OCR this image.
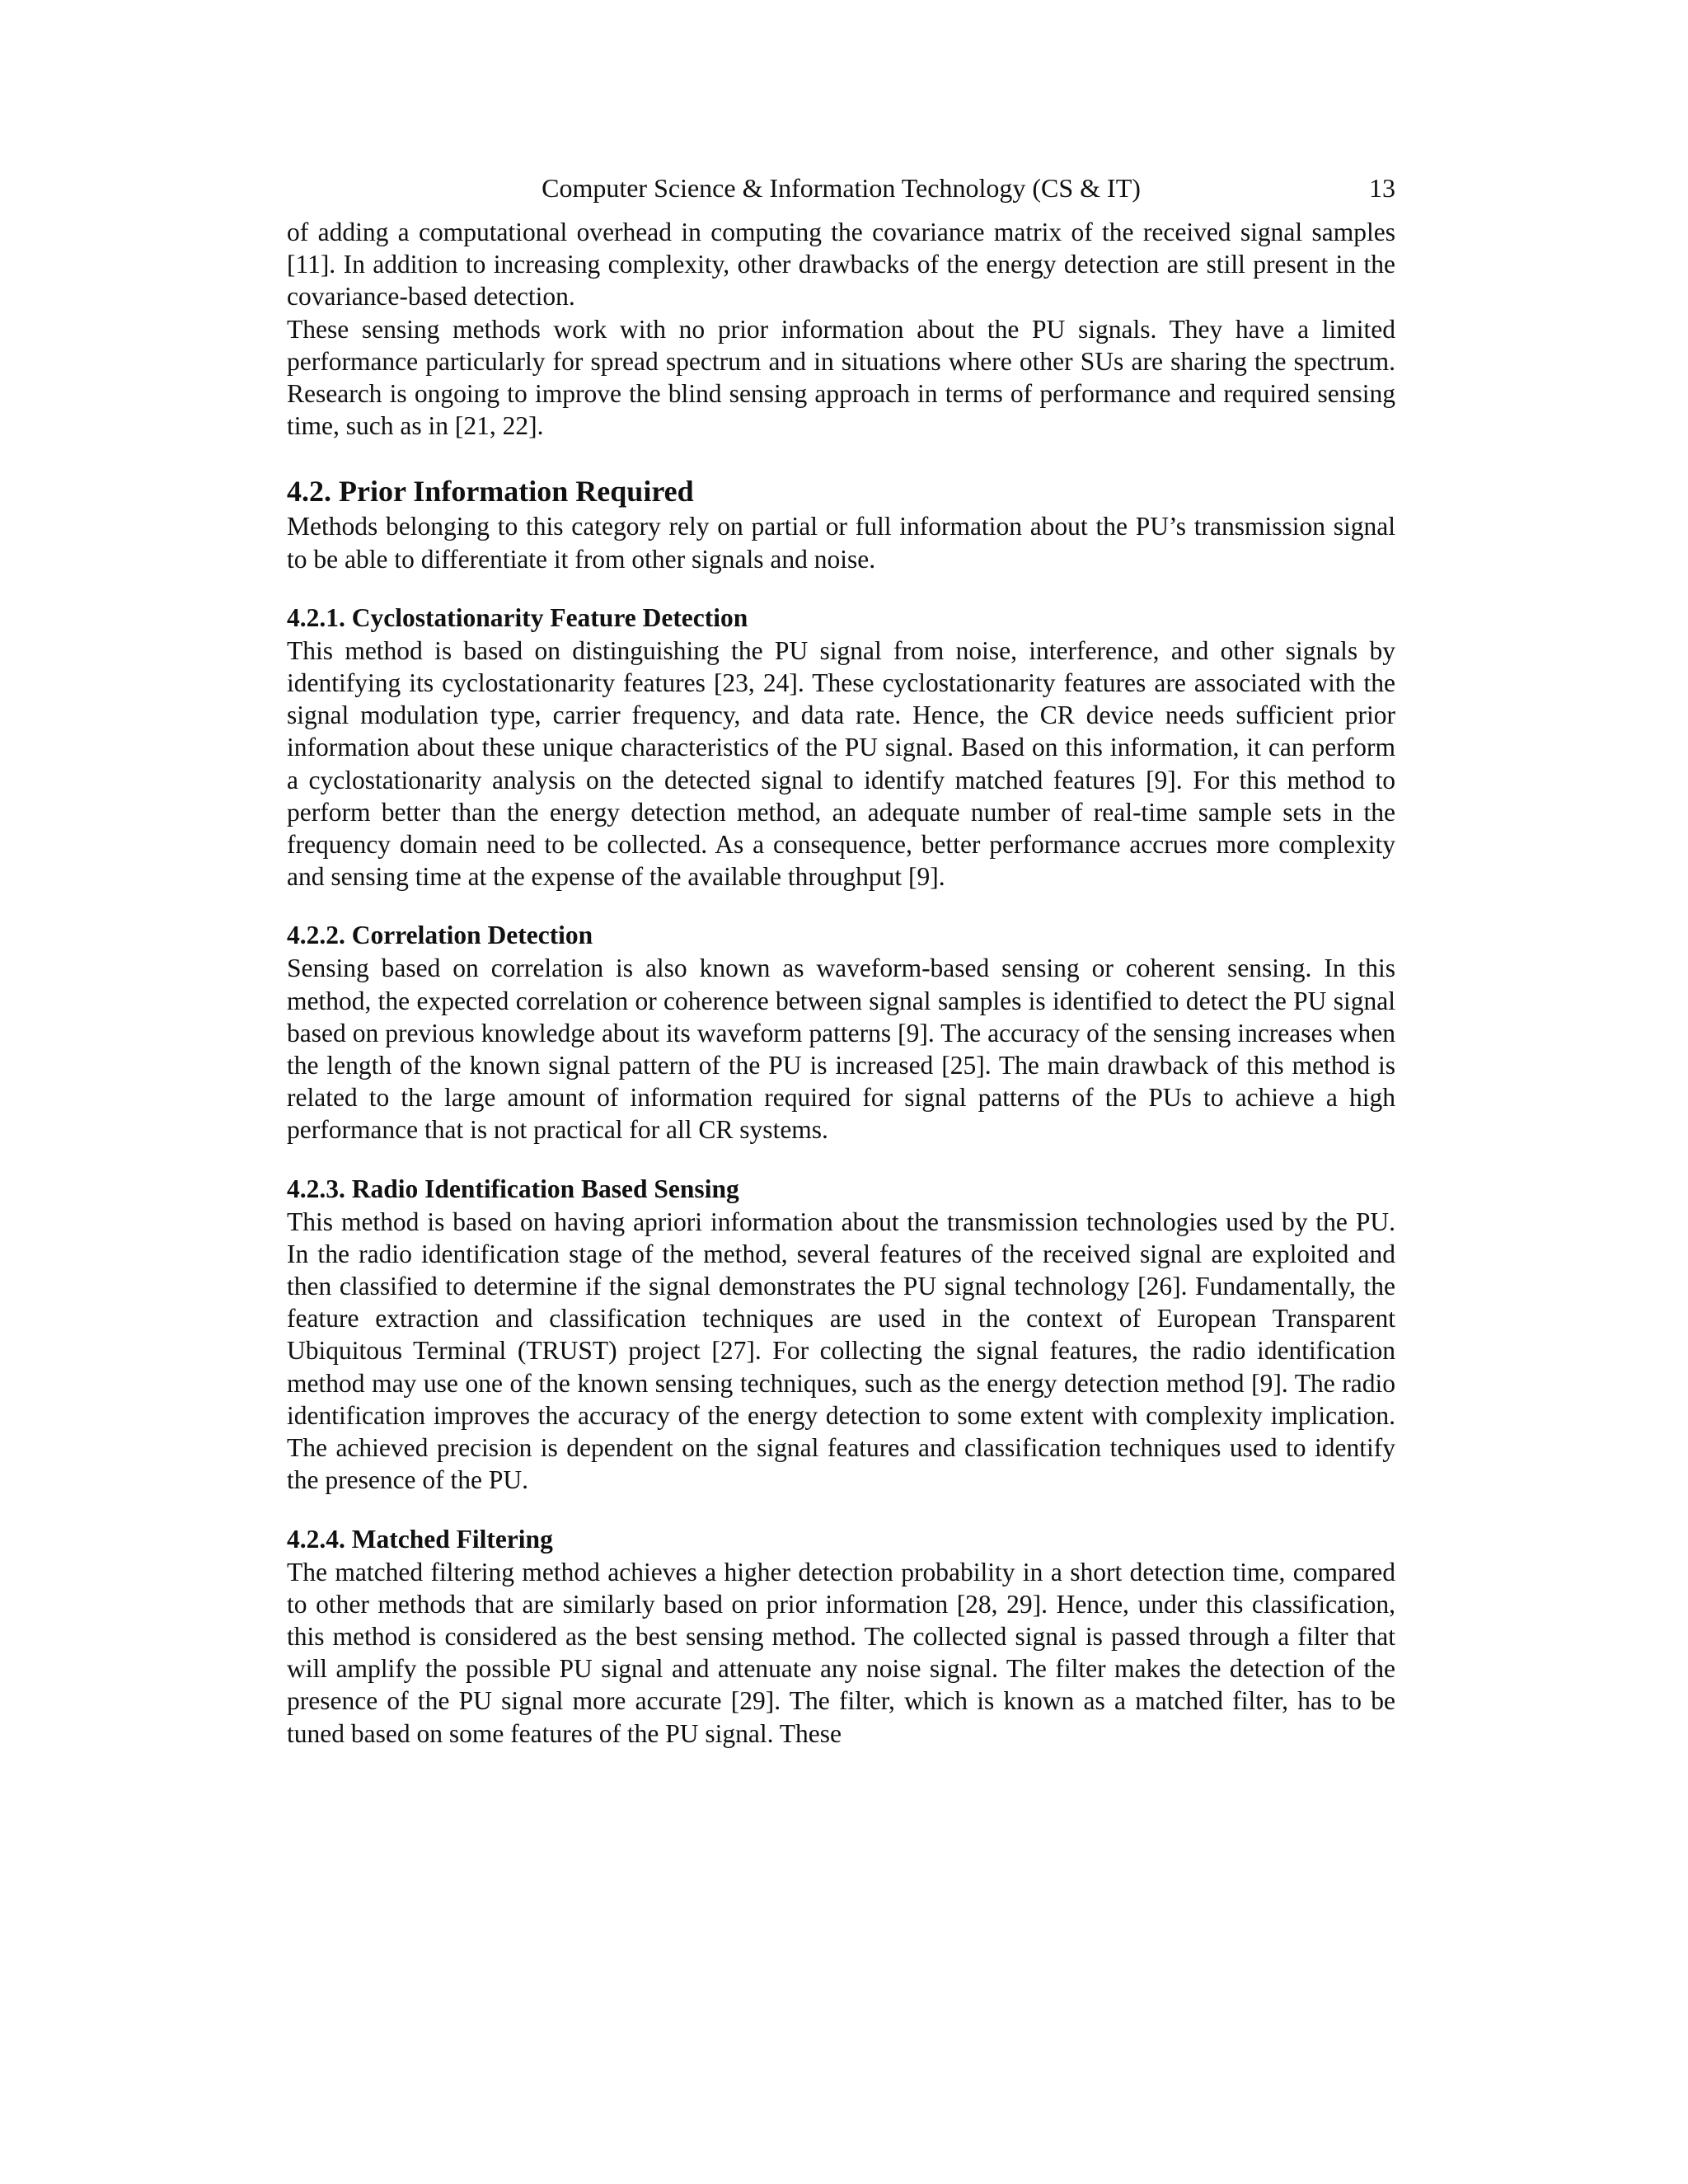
Computer Science & Information Technology (CS & IT)	13

of adding a computational overhead in computing the covariance matrix of the received signal samples [11]. In addition to increasing complexity, other drawbacks of the energy detection are still present in the covariance-based detection.

These sensing methods work with no prior information about the PU signals. They have a limited performance particularly for spread spectrum and in situations where other SUs are sharing the spectrum. Research is ongoing to improve the blind sensing approach in terms of performance and required sensing time, such as in [21, 22].

4.2. Prior Information Required

Methods belonging to this category rely on partial or full information about the PU’s transmission signal to be able to differentiate it from other signals and noise.

4.2.1. Cyclostationarity Feature Detection

This method is based on distinguishing the PU signal from noise, interference, and other signals by identifying its cyclostationarity features [23, 24]. These cyclostationarity features are associated with the signal modulation type, carrier frequency, and data rate. Hence, the CR device needs sufficient prior information about these unique characteristics of the PU signal. Based on this information, it can perform a cyclostationarity analysis on the detected signal to identify matched features [9]. For this method to perform better than the energy detection method, an adequate number of real-time sample sets in the frequency domain need to be collected. As a consequence, better performance accrues more complexity and sensing time at the expense of the available throughput [9].

4.2.2. Correlation Detection

Sensing based on correlation is also known as waveform-based sensing or coherent sensing. In this method, the expected correlation or coherence between signal samples is identified to detect the PU signal based on previous knowledge about its waveform patterns [9]. The accuracy of the sensing increases when the length of the known signal pattern of the PU is increased [25]. The main drawback of this method is related to the large amount of information required for signal patterns of the PUs to achieve a high performance that is not practical for all CR systems.

4.2.3. Radio Identification Based Sensing

This method is based on having apriori information about the transmission technologies used by the PU. In the radio identification stage of the method, several features of the received signal are exploited and then classified to determine if the signal demonstrates the PU signal technology [26]. Fundamentally, the feature extraction and classification techniques are used in the context of European Transparent Ubiquitous Terminal (TRUST) project [27]. For collecting the signal features, the radio identification method may use one of the known sensing techniques, such as the energy detection method [9]. The radio identification improves the accuracy of the energy detection to some extent with complexity implication. The achieved precision is dependent on the signal features and classification techniques used to identify the presence of the PU.

4.2.4. Matched Filtering

The matched filtering method achieves a higher detection probability in a short detection time, compared to other methods that are similarly based on prior information [28, 29]. Hence, under this classification, this method is considered as the best sensing method. The collected signal is passed through a filter that will amplify the possible PU signal and attenuate any noise signal. The filter makes the detection of the presence of the PU signal more accurate [29]. The filter, which is known as a matched filter, has to be tuned based on some features of the PU signal. These
